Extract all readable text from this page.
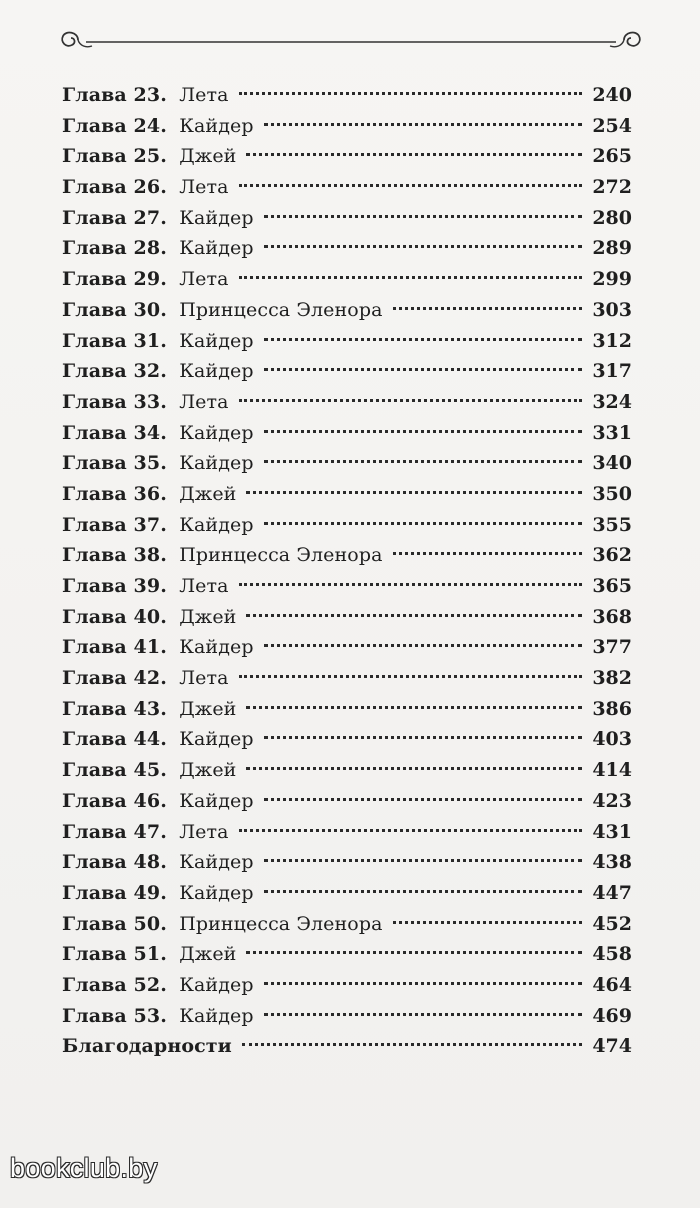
Глава 23. Лета	240
Глава 24. Кайдер	254
Глава 25. Джей	265
Глава 26. Лета	272
Глава 27. Кайдер	280
Глава 28. Кайдер	289
Глава 29. Лета	299
Глава 30. Принцесса Эленора	303
Глава 31. Кайдер	312
Глава 32. Кайдер	317
Глава 33. Лета	324
Глава 34. Кайдер	331
Глава 35. Кайдер	340
Глава 36. Джей	350
Глава 37. Кайдер	355
Глава 38. Принцесса Эленора	362
Глава 39. Лета	365
Глава 40. Джей	368
Глава 41. Кайдер	377
Глава 42. Лета	382
Глава 43. Джей	386
Глава 44. Кайдер	403
Глава 45. Джей	414
Глава 46. Кайдер	423
Глава 47. Лета	431
Глава 48. Кайдер	438
Глава 49. Кайдер	447
Глава 50. Принцесса Эленора	452
Глава 51. Джей	458
Глава 52. Кайдер	464
Глава 53. Кайдер	469
Благодарности	474
bookclub.by
